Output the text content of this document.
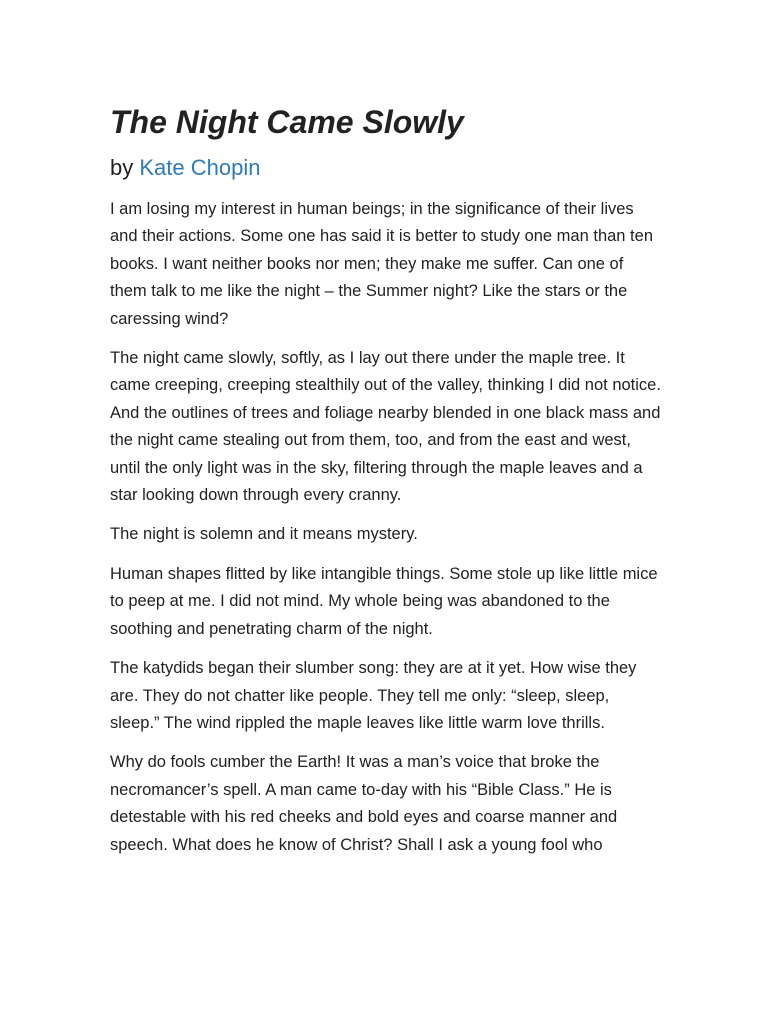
The Night Came Slowly
by Kate Chopin

I am losing my interest in human beings; in the significance of their lives and their actions. Some one has said it is better to study one man than ten books. I want neither books nor men; they make me suffer. Can one of them talk to me like the night – the Summer night? Like the stars or the caressing wind?

The night came slowly, softly, as I lay out there under the maple tree. It came creeping, creeping stealthily out of the valley, thinking I did not notice. And the outlines of trees and foliage nearby blended in one black mass and the night came stealing out from them, too, and from the east and west, until the only light was in the sky, filtering through the maple leaves and a star looking down through every cranny.

The night is solemn and it means mystery.

Human shapes flitted by like intangible things. Some stole up like little mice to peep at me. I did not mind. My whole being was abandoned to the soothing and penetrating charm of the night.

The katydids began their slumber song: they are at it yet. How wise they are. They do not chatter like people. They tell me only: “sleep, sleep, sleep.” The wind rippled the maple leaves like little warm love thrills.

Why do fools cumber the Earth! It was a man’s voice that broke the necromancer’s spell. A man came to-day with his “Bible Class.” He is detestable with his red cheeks and bold eyes and coarse manner and speech. What does he know of Christ? Shall I ask a young fool who
